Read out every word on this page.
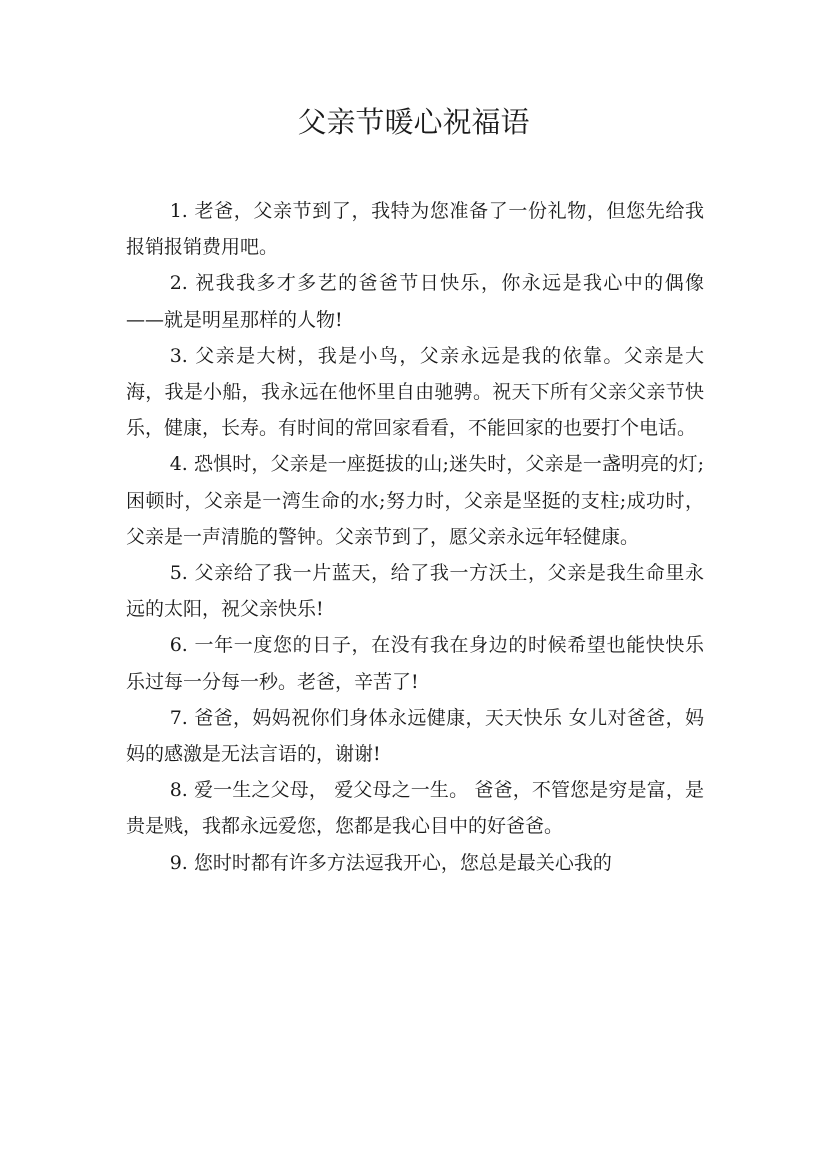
父亲节暖心祝福语

1. 老爸，父亲节到了，我特为您准备了一份礼物，但您先给我报销报销费用吧。

2. 祝我我多才多艺的爸爸节日快乐，你永远是我心中的偶像——就是明星那样的人物!

3. 父亲是大树，我是小鸟，父亲永远是我的依靠。父亲是大海，我是小船，我永远在他怀里自由驰骋。祝天下所有父亲父亲节快乐，健康，长寿。有时间的常回家看看，不能回家的也要打个电话。

4. 恐惧时，父亲是一座挺拔的山;迷失时，父亲是一盏明亮的灯;困顿时，父亲是一湾生命的水;努力时，父亲是坚挺的支柱;成功时，父亲是一声清脆的警钟。父亲节到了，愿父亲永远年轻健康。

5. 父亲给了我一片蓝天，给了我一方沃土，父亲是我生命里永远的太阳，祝父亲快乐!

6. 一年一度您的日子，在没有我在身边的时候希望也能快快乐乐过每一分每一秒。老爸，辛苦了!

7. 爸爸，妈妈祝你们身体永远健康，天天快乐 女儿对爸爸，妈妈的感激是无法言语的，谢谢!

8. 爱一生之父母， 爱父母之一生。 爸爸，不管您是穷是富，是贵是贱，我都永远爱您，您都是我心目中的好爸爸。

9. 您时时都有许多方法逗我开心，您总是最关心我的
